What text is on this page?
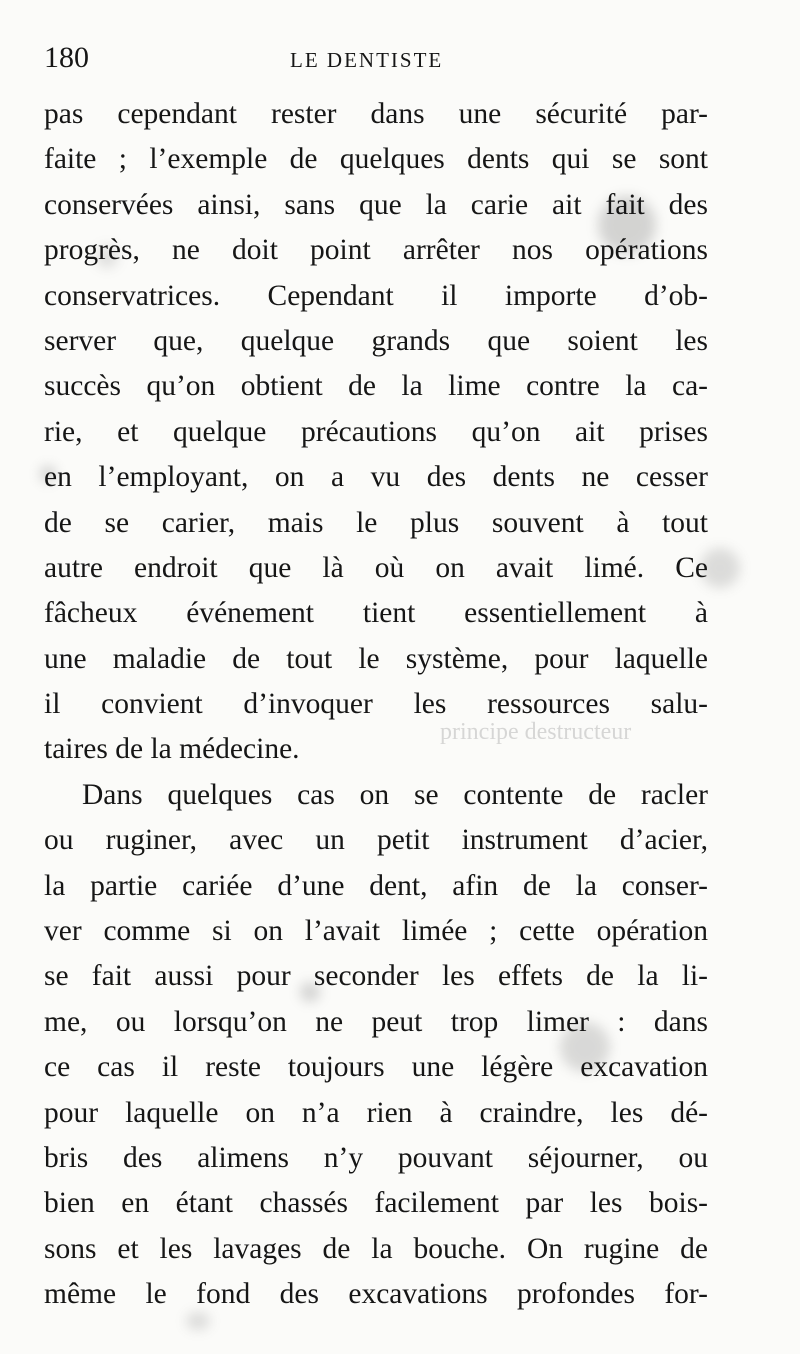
principe destructeur
180	LE DENTISTE
pas cependant rester dans une sécurité par-
faite ; l’exemple de quelques dents qui se sont
conservées ainsi, sans que la carie ait fait des
progrès, ne doit point arrêter nos opérations
conservatrices. Cependant il importe d’ob-
server que, quelque grands que soient les
succès qu’on obtient de la lime contre la ca-
rie, et quelque précautions qu’on ait prises
en l’employant, on a vu des dents ne cesser
de se carier, mais le plus souvent à tout
autre endroit que là où on avait limé. Ce
fâcheux événement tient essentiellement à
une maladie de tout le système, pour laquelle
il convient d’invoquer les ressources salu-
taires de la médecine.
Dans quelques cas on se contente de racler
ou ruginer, avec un petit instrument d’acier,
la partie cariée d’une dent, afin de la conser-
ver comme si on l’avait limée ; cette opération
se fait aussi pour seconder les effets de la li-
me, ou lorsqu’on ne peut trop limer : dans
ce cas il reste toujours une légère excavation
pour laquelle on n’a rien à craindre, les dé-
bris des alimens n’y pouvant séjourner, ou
bien en étant chassés facilement par les bois-
sons et les lavages de la bouche. On rugine de
même le fond des excavations profondes for-
